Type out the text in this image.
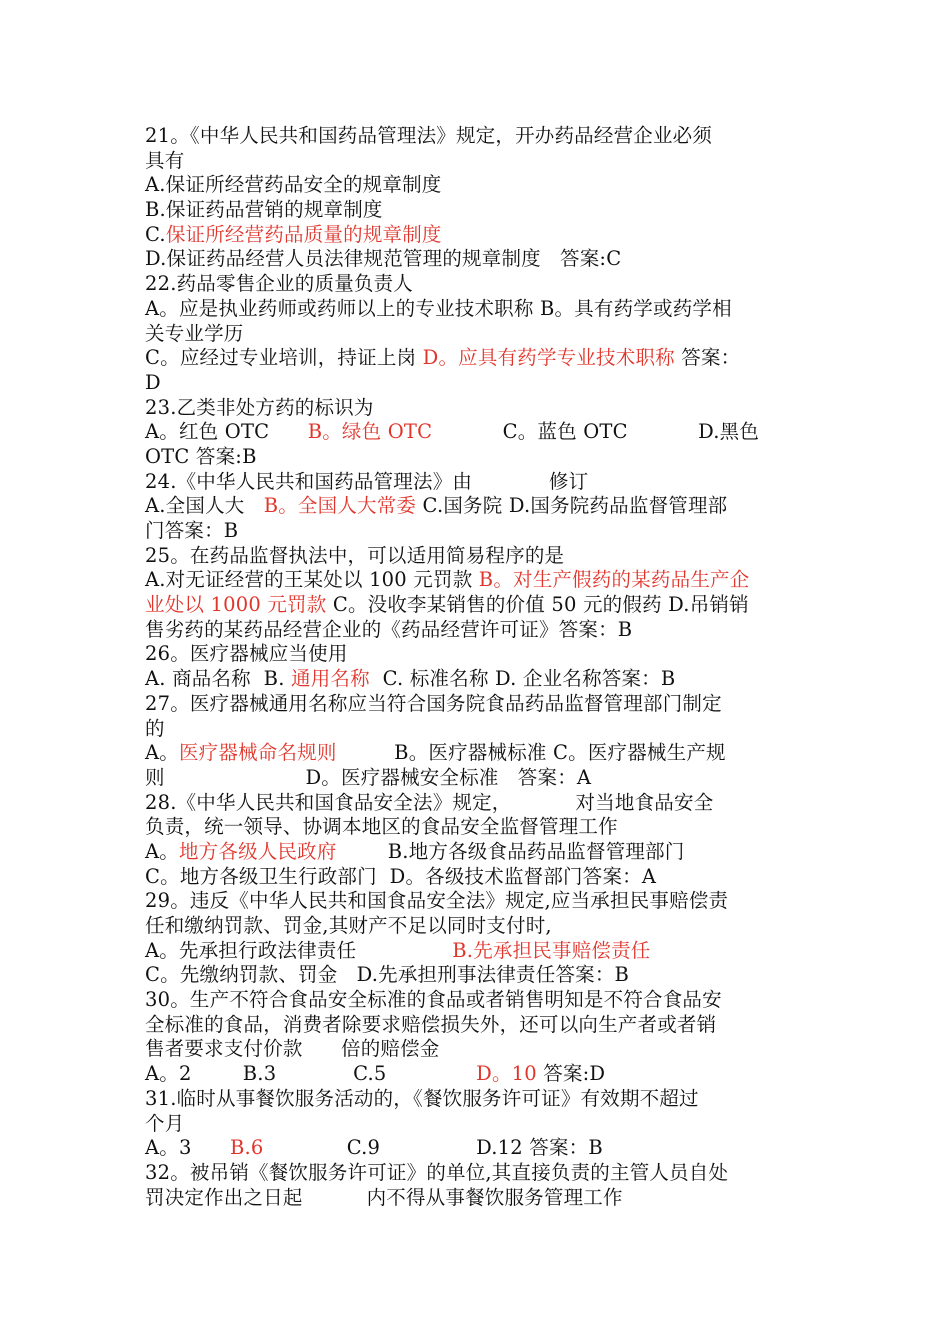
21。《中华人民共和国药品管理法》规定，开办药品经营企业必须
具有
A.保证所经营药品安全的规章制度
B.保证药品营销的规章制度
C.保证所经营药品质量的规章制度
D.保证药品经营人员法律规范管理的规章制度   答案:C
22.药品零售企业的质量负责人
A。应是执业药师或药师以上的专业技术职称 B。具有药学或药学相
关专业学历
C。应经过专业培训，持证上岗 D。应具有药学专业技术职称 答案：
D
23.乙类非处方药的标识为
A。红色 OTC      B。绿色 OTC           C。蓝色 OTC           D.黑色
OTC 答案:B
24.《中华人民共和国药品管理法》由            修订
A.全国人大   B。全国人大常委 C.国务院 D.国务院药品监督管理部
门答案：B
25。在药品监督执法中，可以适用简易程序的是
A.对无证经营的王某处以 100 元罚款 B。对生产假药的某药品生产企
业处以 1000 元罚款 C。没收李某销售的价值 50 元的假药 D.吊销销
售劣药的某药品经营企业的《药品经营许可证》答案：B
26。医疗器械应当使用
A. 商品名称  B. 通用名称  C. 标准名称 D. 企业名称答案：B
27。医疗器械通用名称应当符合国务院食品药品监督管理部门制定
的
A。医疗器械命名规则         B。医疗器械标准 C。医疗器械生产规
则                      D。医疗器械安全标准   答案：A
28.《中华人民共和国食品安全法》规定，          对当地食品安全
负责，统一领导、协调本地区的食品安全监督管理工作
A。地方各级人民政府        B.地方各级食品药品监督管理部门
C。地方各级卫生行政部门  D。各级技术监督部门答案：A
29。违反《中华人民共和国食品安全法》规定,应当承担民事赔偿责
任和缴纳罚款、罚金,其财产不足以同时支付时,
A。先承担行政法律责任               B.先承担民事赔偿责任
C。先缴纳罚款、罚金   D.先承担刑事法律责任答案：B
30。生产不符合食品安全标准的食品或者销售明知是不符合食品安
全标准的食品，消费者除要求赔偿损失外，还可以向生产者或者销
售者要求支付价款      倍的赔偿金
A。2        B.3            C.5              D。10 答案:D
31.临时从事餐饮服务活动的，《餐饮服务许可证》有效期不超过
个月
A。3      B.6             C.9               D.12 答案：B
32。被吊销《餐饮服务许可证》的单位,其直接负责的主管人员自处
罚决定作出之日起          内不得从事餐饮服务管理工作
